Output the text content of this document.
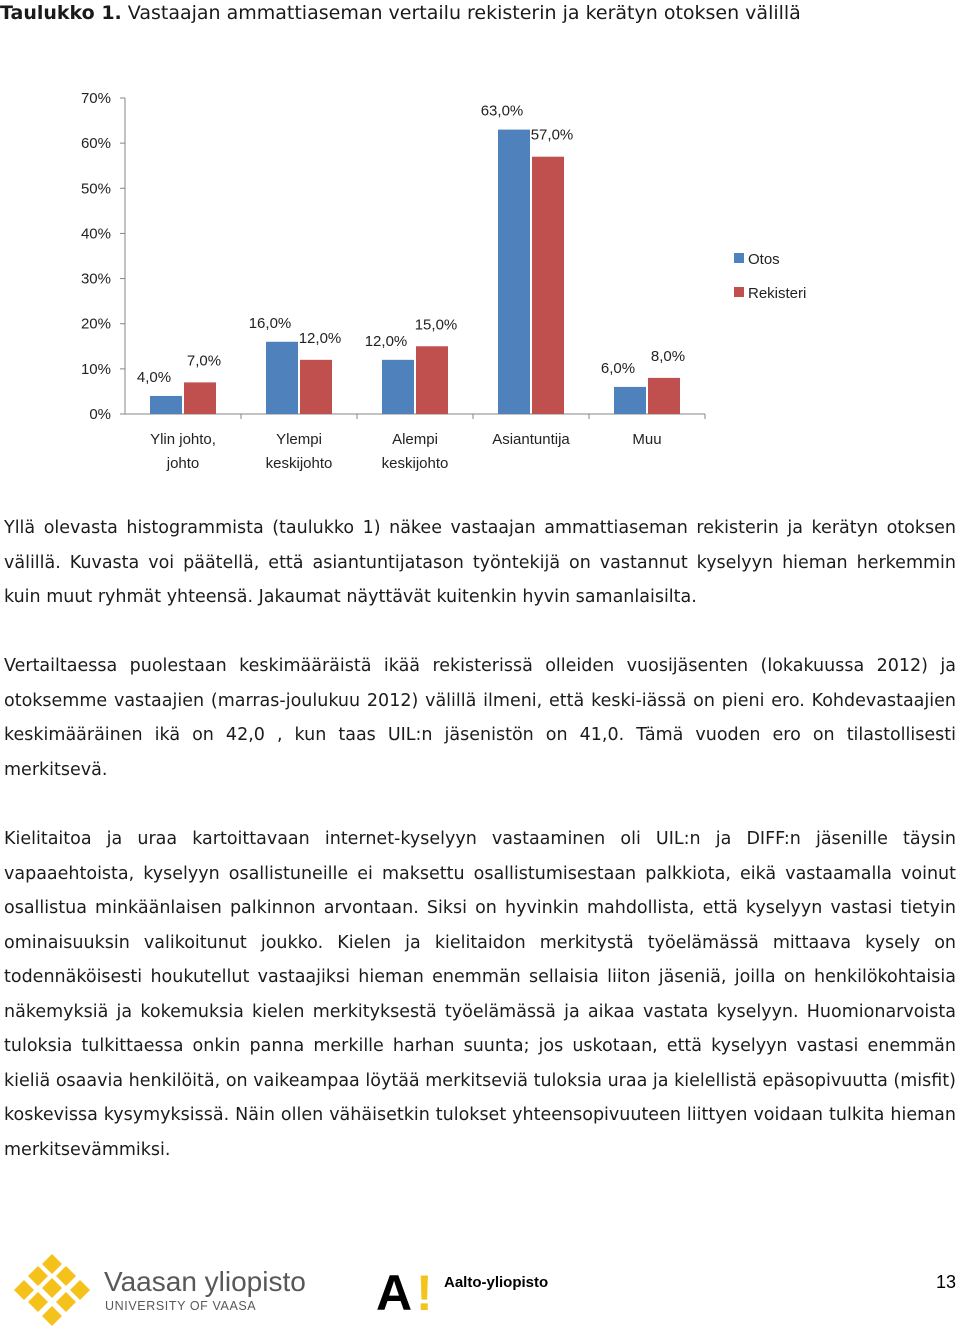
Taulukko 1. Vastaajan ammattiaseman vertailu rekisterin ja kerätyn otoksen välillä
0%
10%
20%
30%
40%
50%
60%
70%
Ylin johto,
johto
Ylempi
keskijohto
Alempi
keskijohto
Asiantuntija	Muu
4,0%
16,0%
12,0%
63,0%
6,0%
7,0%
12,0%
15,0%
57,0%
8,0%
Otos
Rekisteri
Yllä olevasta histogrammista (taulukko 1) näkee vastaajan ammattiaseman rekisterin ja kerätyn otoksen välillä. Kuvasta voi päätellä, että asiantuntijatason työntekijä on vastannut kyselyyn hieman herkemmin kuin muut ryhmät yhteensä. Jakaumat näyttävät kuitenkin hyvin samanlaisilta.
Vertailtaessa puolestaan keskimääräistä ikää rekisterissä olleiden vuosijäsenten (lokakuussa 2012) ja otoksemme vastaajien (marras-joulukuu 2012) välillä ilmeni, että keski-iässä on pieni ero. Kohdevastaajien keskimääräinen ikä on 42,0 , kun taas UIL:n jäsenistön on 41,0. Tämä vuoden ero on tilastollisesti merkitsevä.
Kielitaitoa ja uraa kartoittavaan internet-kyselyyn vastaaminen oli UIL:n ja DIFF:n jäsenille täysin vapaaehtoista, kyselyyn osallistuneille ei maksettu osallistumisestaan palkkiota, eikä vastaamalla voinut osallistua minkäänlaisen palkinnon arvontaan. Siksi on hyvinkin mahdollista, että kyselyyn vastasi tietyin ominaisuuksin valikoitunut joukko. Kielen ja kielitaidon merkitystä työelämässä mittaava kysely on todennäköisesti houkutellut vastaajiksi hieman enemmän sellaisia liiton jäseniä, joilla on henkilökohtaisia näkemyksiä ja kokemuksia kielen merkityksestä työelämässä ja aikaa vastata kyselyyn. Huomionarvoista tuloksia tulkittaessa onkin panna merkille harhan suunta; jos uskotaan, että kyselyyn vastasi enemmän kieliä osaavia henkilöitä, on vaikeampaa löytää merkitseviä tuloksia uraa ja kielellistä epäsopivuutta (misfit) koskevissa kysymyksissä. Näin ollen vähäisetkin tulokset yhteensopivuuteen liittyen voidaan tulkita hieman merkitsevämmiksi.
Vaasan yliopisto
UNIVERSITY OF VAASA A ! Aalto-yliopisto	13
